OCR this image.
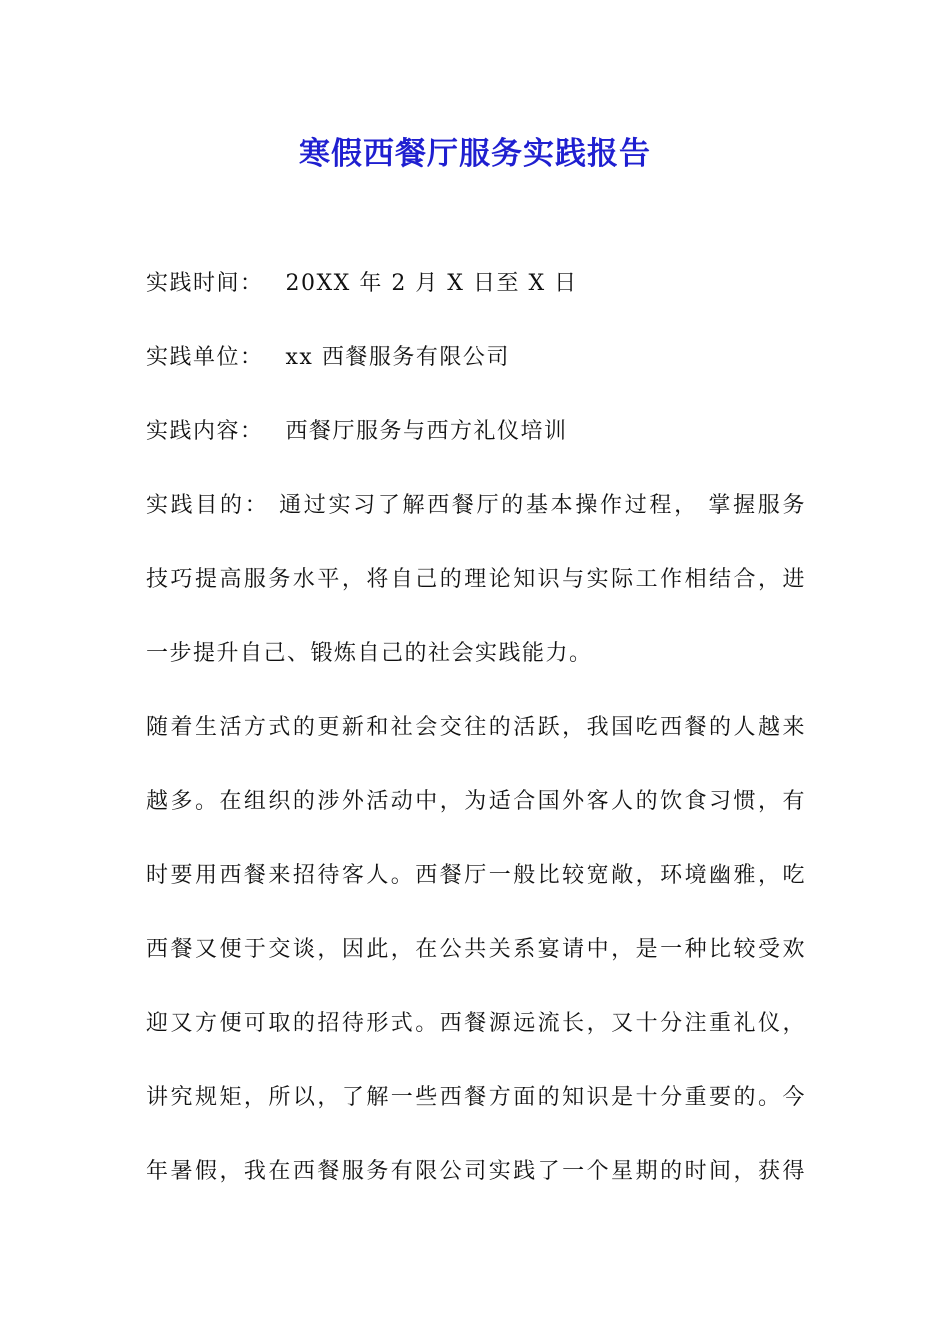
寒假西餐厅服务实践报告
实践时间： 20XX 年 2 月 X 日至 X 日
实践单位： xx 西餐服务有限公司
实践内容： 西餐厅服务与西方礼仪培训
实践目的： 通过实习了解西餐厅的基本操作过程， 掌握服务
技巧提高服务水平，将自己的理论知识与实际工作相结合，进
一步提升自己、锻炼自己的社会实践能力。
随着生活方式的更新和社会交往的活跃，我国吃西餐的人越来
越多。在组织的涉外活动中，为适合国外客人的饮食习惯，有
时要用西餐来招待客人。西餐厅一般比较宽敞，环境幽雅，吃
西餐又便于交谈，因此，在公共关系宴请中，是一种比较受欢
迎又方便可取的招待形式。西餐源远流长，又十分注重礼仪，
讲究规矩，所以，了解一些西餐方面的知识是十分重要的。今
年暑假，我在西餐服务有限公司实践了一个星期的时间，获得
